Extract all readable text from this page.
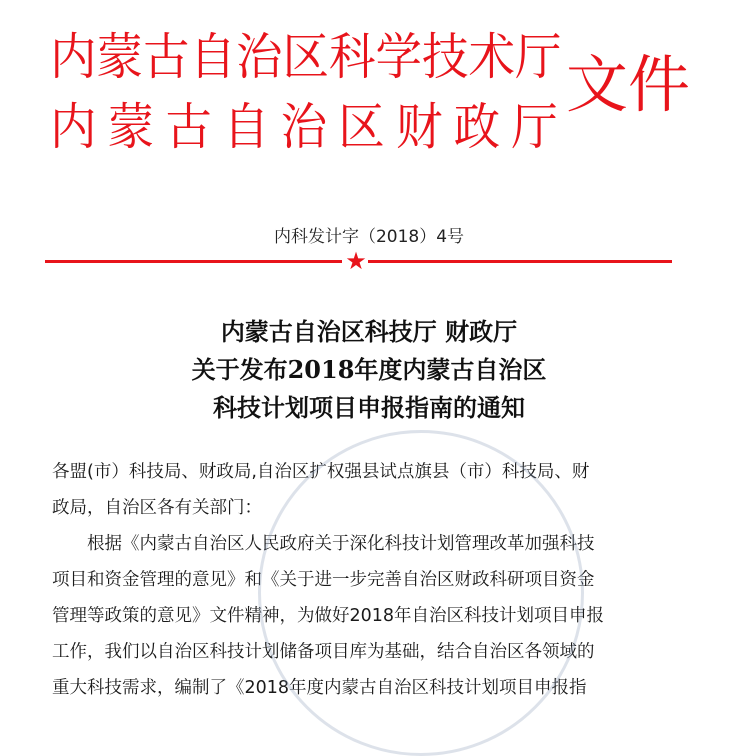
内蒙古自治区科学技术厅
内蒙古自治区财政厅
文件
内科发计字（2018）4号
★
内蒙古自治区科技厅 财政厅
关于发布2018年度内蒙古自治区
科技计划项目申报指南的通知
各盟(市）科技局、财政局,自治区扩权强县试点旗县（市）科技局、财
政局，自治区各有关部门：
　　根据《内蒙古自治区人民政府关于深化科技计划管理改革加强科技
项目和资金管理的意见》和《关于进一步完善自治区财政科研项目资金
管理等政策的意见》文件精神，为做好2018年自治区科技计划项目申报
工作，我们以自治区科技计划储备项目库为基础，结合自治区各领域的
重大科技需求，编制了《2018年度内蒙古自治区科技计划项目申报指
